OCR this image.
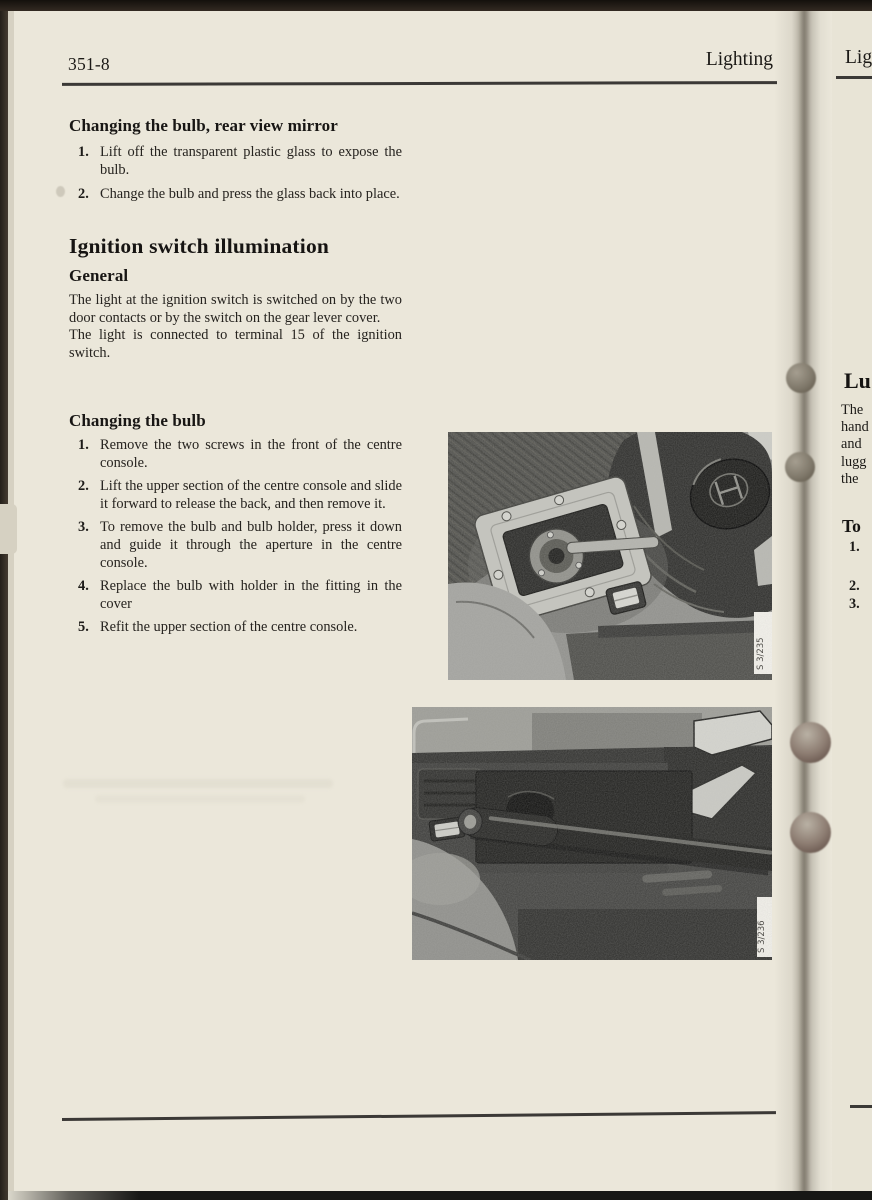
351-8	Lighting
Changing the bulb, rear view mirror
1. Lift off the transparent plastic glass to expose the bulb.
2. Change the bulb and press the glass back into place.
Ignition switch illumination
General

The light at the ignition switch is switched on by the two door contacts or by the switch on the gear lever cover.

The light is connected to terminal 15 of the ignition switch.

Changing the bulb
1. Remove the two screws in the front of the centre console.
2. Lift the upper section of the centre console and slide it forward to release the back, and then remove it.
3. To remove the bulb and bulb holder, press it down and guide it through the aperture in the centre console.
4. Replace the bulb with holder in the fitting in the cover
5. Refit the upper section of the centre console.
Lig
Lu
The
hand
and
lugg
the
To
1.
2.
3.
